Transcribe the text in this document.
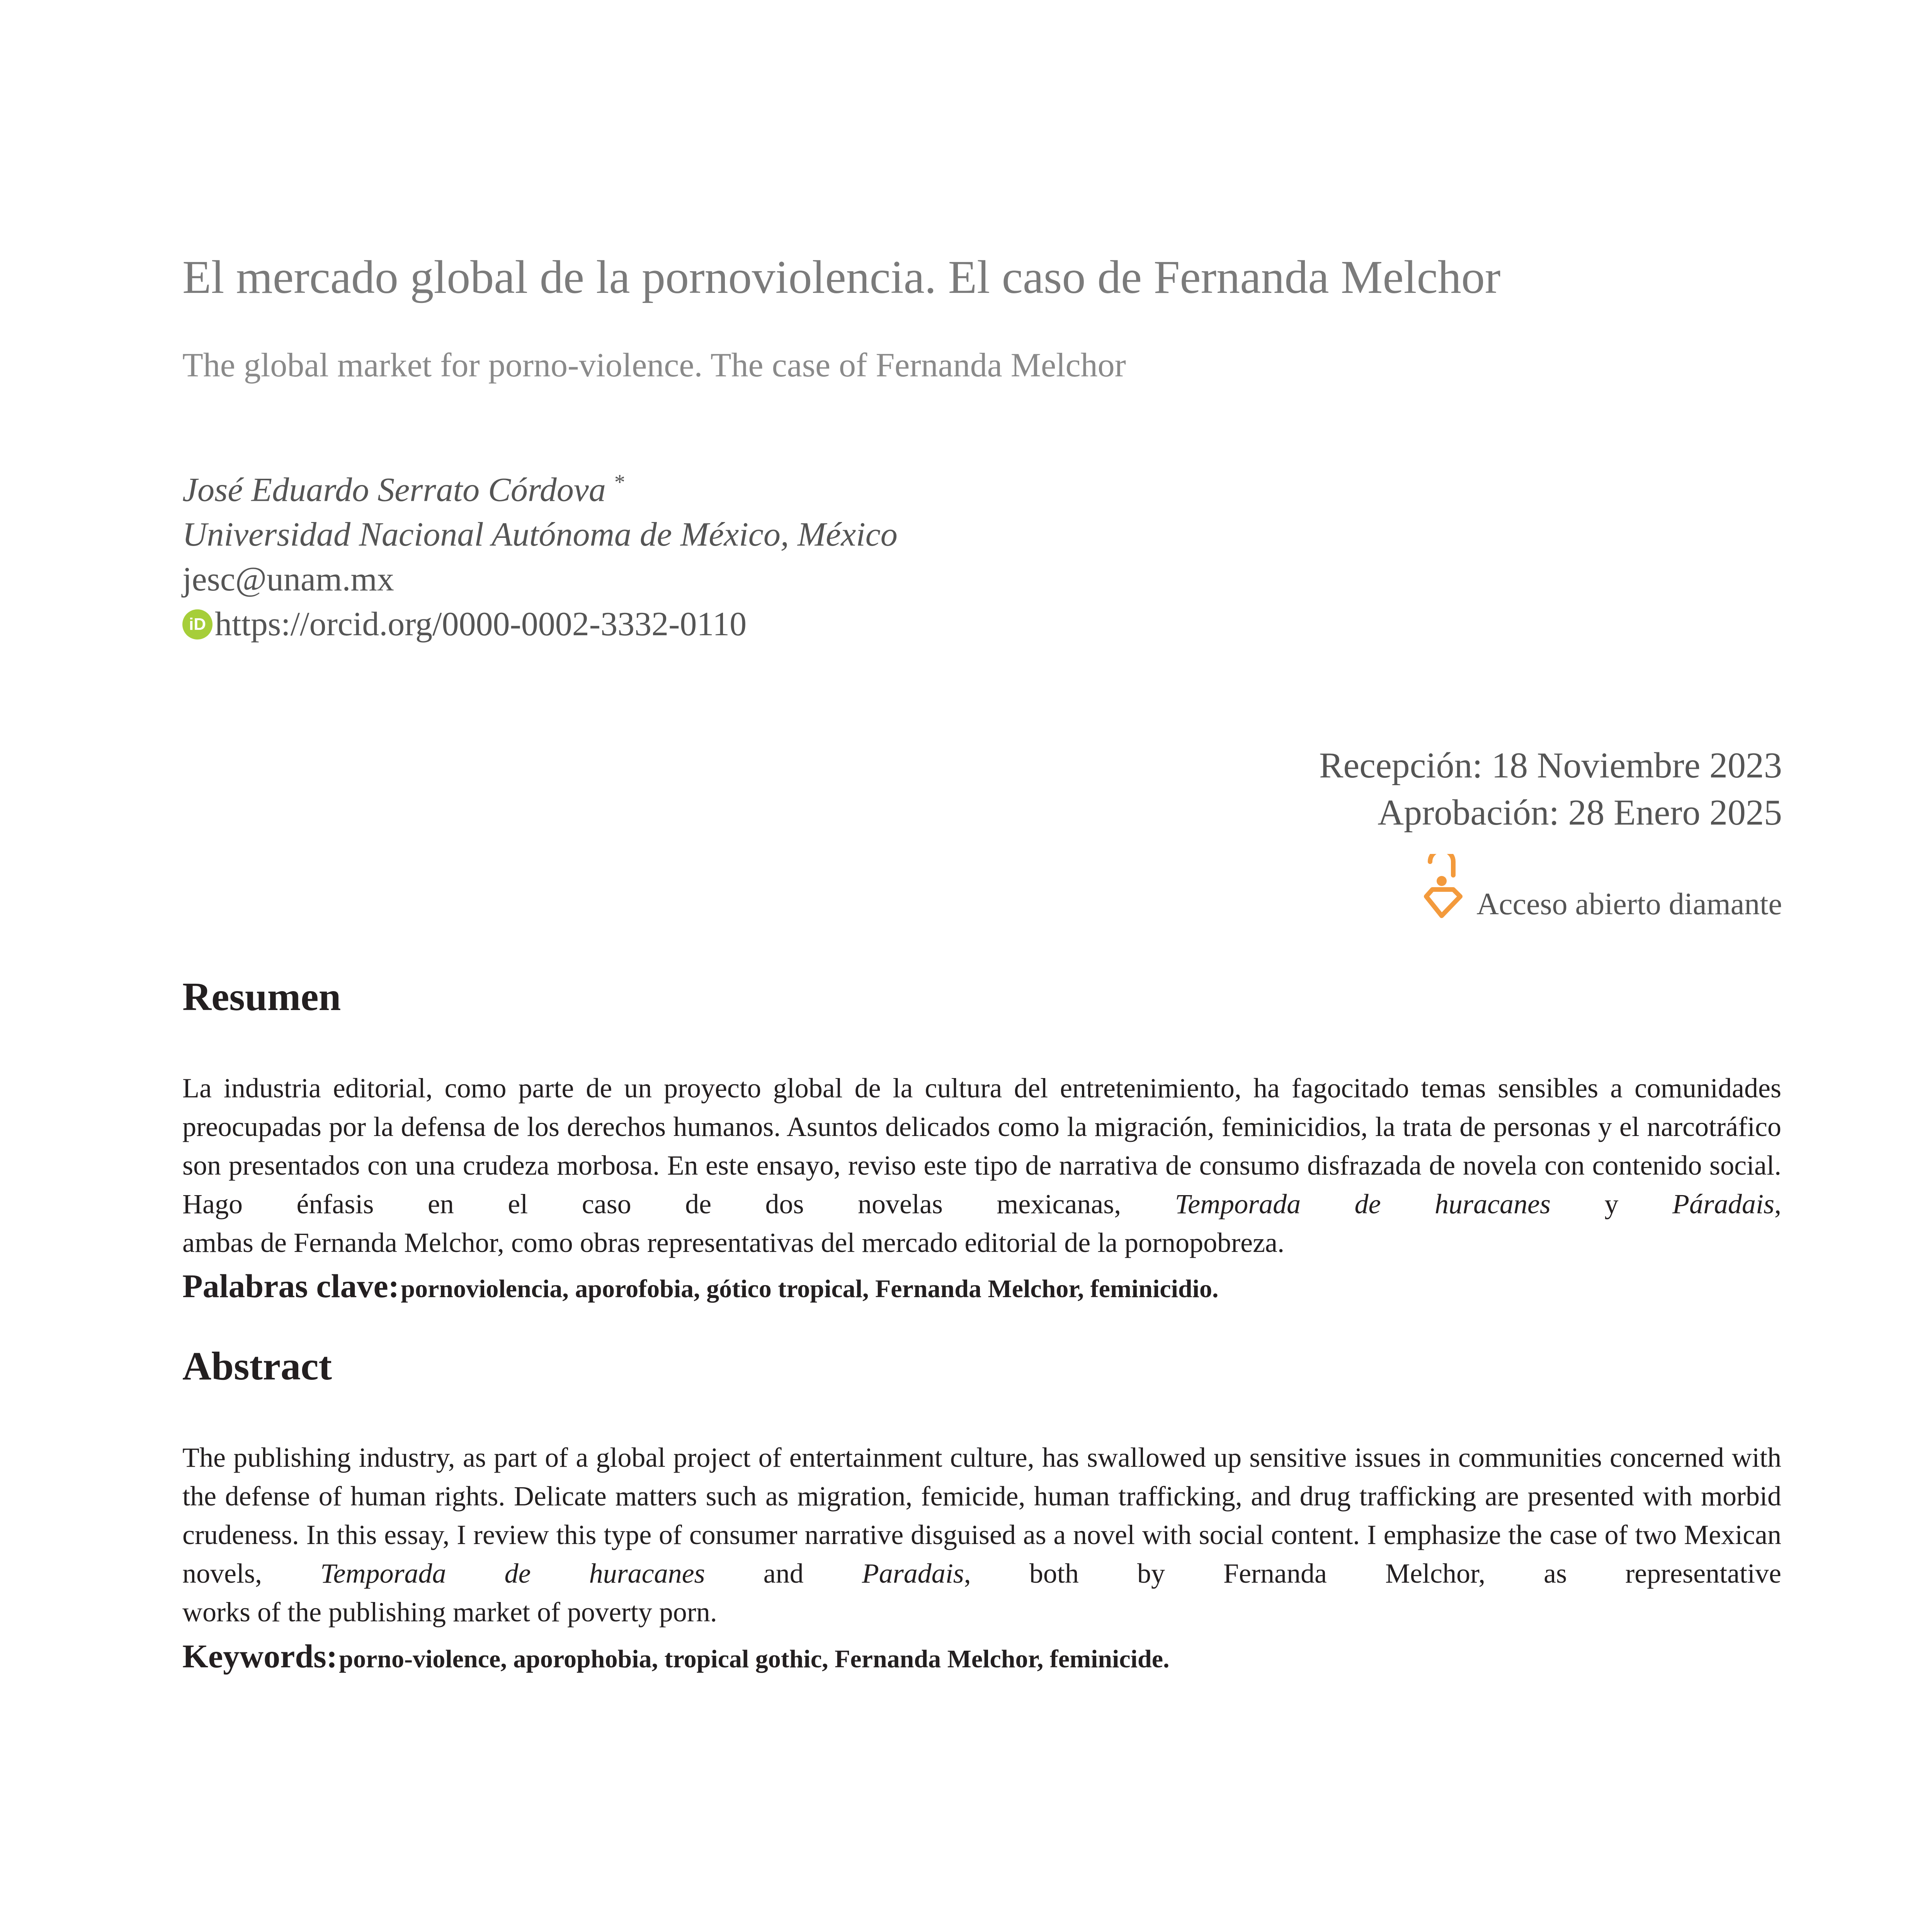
El mercado global de la pornoviolencia. El caso de Fernanda Melchor
The global market for porno-violence. The case of Fernanda Melchor
José Eduardo Serrato Córdova *
Universidad Nacional Autónoma de México, México
jesc@unam.mx
iD https://orcid.org/0000-0002-3332-0110
Recepción: 18 Noviembre 2023
Aprobación: 28 Enero 2025
Acceso abierto diamante
Resumen

La industria editorial, como parte de un proyecto global de la cultura del entretenimiento, ha fagocitado temas sensibles a comunidades preocupadas por la defensa de los derechos humanos. Asuntos delicados como la migración, feminicidios, la trata de personas y el narcotráfico son presentados con una crudeza morbosa. En este ensayo, reviso este tipo de narrativa de consumo disfrazada de novela con contenido social. Hago énfasis en el caso de dos novelas mexicanas, Temporada de huracanes y Páradais,

ambas de Fernanda Melchor, como obras representativas del mercado editorial de la pornopobreza.
Palabras clave: pornoviolencia, aporofobia, gótico tropical, Fernanda Melchor, feminicidio.
Abstract

The publishing industry, as part of a global project of entertainment culture, has swallowed up sensitive issues in communities concerned with the defense of human rights. Delicate matters such as migration, femicide, human trafficking, and drug trafficking are presented with morbid crudeness. In this essay, I review this type of consumer narrative disguised as a novel with social content. I emphasize the case of two Mexican novels, Temporada de huracanes and Paradais, both by Fernanda Melchor, as representative

works of the publishing market of poverty porn.
Keywords: porno-violence, aporophobia, tropical gothic, Fernanda Melchor, feminicide.
